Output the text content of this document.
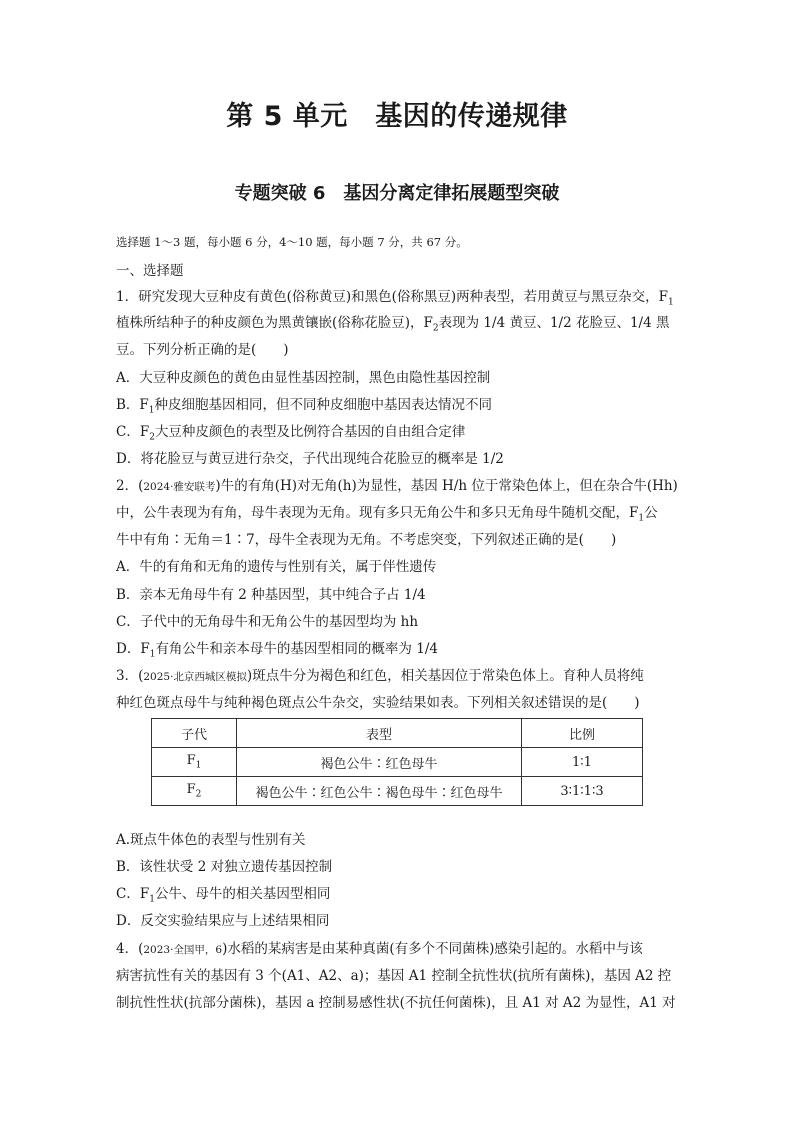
第 5 单元　基因的传递规律
专题突破 6　基因分离定律拓展题型突破
选择题 1～3 题，每小题 6 分，4～10 题，每小题 7 分，共 67 分。
一、选择题
1．研究发现大豆种皮有黄色(俗称黄豆)和黑色(俗称黑豆)两种表型，若用黄豆与黑豆杂交，$F_1$
植株所结种子的种皮颜色为黑黄镶嵌(俗称花脸豆)，$F_2$表现为 1/4 黄豆、1/2 花脸豆、1/4 黑
豆。下列分析正确的是(　　)
A．大豆种皮颜色的黄色由显性基因控制，黑色由隐性基因控制
B．$F_1$种皮细胞基因相同，但不同种皮细胞中基因表达情况不同
C．$F_2$大豆种皮颜色的表型及比例符合基因的自由组合定律
D．将花脸豆与黄豆进行杂交，子代出现纯合花脸豆的概率是 1/2
2．(2024·雅安联考)牛的有角(H)对无角(h)为显性，基因 H/h 位于常染色体上，但在杂合牛(Hh)
中，公牛表现为有角，母牛表现为无角。现有多只无角公牛和多只无角母牛随机交配，$F_1$公
牛中有角∶无角＝1∶7，母牛全表现为无角。不考虑突变，下列叙述正确的是(　　)
A．牛的有角和无角的遗传与性别有关，属于伴性遗传
B．亲本无角母牛有 2 种基因型，其中纯合子占 1/4
C．子代中的无角母牛和无角公牛的基因型均为 hh
D．$F_1$有角公牛和亲本母牛的基因型相同的概率为 1/4
3．(2025·北京西城区模拟)斑点牛分为褐色和红色，相关基因位于常染色体上。育种人员将纯
种红色斑点母牛与纯种褐色斑点公牛杂交，实验结果如表。下列相关叙述错误的是(　　)
子代	表型	比例
$F_1$	褐色公牛∶红色母牛	1∶1
$F_2$	褐色公牛∶红色公牛∶褐色母牛∶红色母牛	3∶1∶1∶3
A.斑点牛体色的表型与性别有关
B．该性状受 2 对独立遗传基因控制
C．$F_1$公牛、母牛的相关基因型相同
D．反交实验结果应与上述结果相同
4．(2023·全国甲，6)水稻的某病害是由某种真菌(有多个不同菌株)感染引起的。水稻中与该
病害抗性有关的基因有 3 个(A1、A2、a)；基因 A1 控制全抗性状(抗所有菌株)，基因 A2 控
制抗性性状(抗部分菌株)，基因 a 控制易感性状(不抗任何菌株)，且 A1 对 A2 为显性，A1 对
